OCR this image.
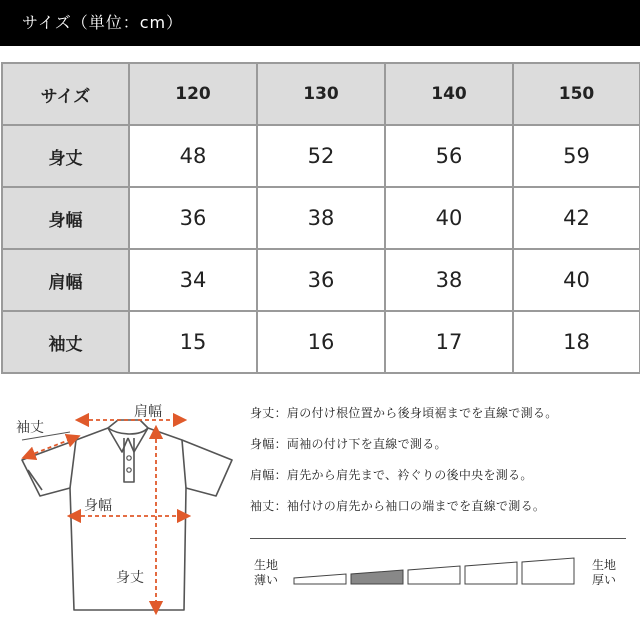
サイズ（単位：cm）
サイズ	120	130	140	150
身丈	48	52	56	59
身幅	36	38	40	42
肩幅	34	36	38	40
袖丈	15	16	17	18
袖丈
肩幅
身幅
身丈
身丈：肩の付け根位置から後身頃裾までを直線で測る。
身幅：両袖の付け下を直線で測る。
肩幅：肩先から肩先まで、衿ぐりの後中央を測る。
袖丈：袖付けの肩先から袖口の端までを直線で測る。
生地
薄い
生地
厚い
